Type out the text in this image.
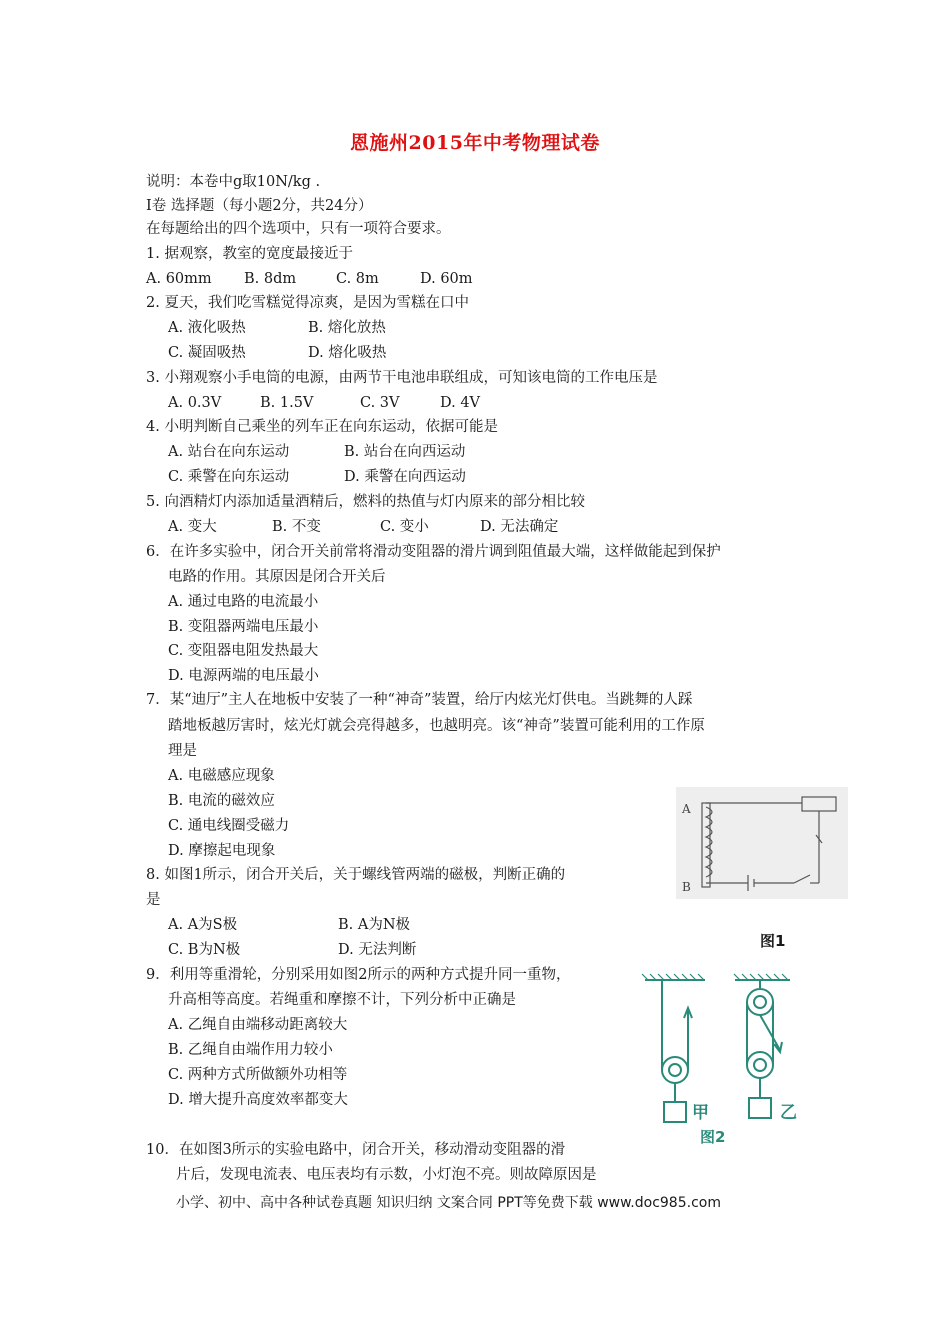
恩施州2015年中考物理试卷
说明：本卷中g取10N/kg .
Ⅰ卷 选择题（每小题2分，共24分）
在每题给出的四个选项中，只有一项符合要求。
1. 据观察，教室的宽度最接近于
A. 60mm B. 8dm	C. 8m	D. 60m
2. 夏天，我们吃雪糕觉得凉爽，是因为雪糕在口中
A. 液化吸热	B. 熔化放热
C. 凝固吸热	D. 熔化吸热
3. 小翔观察小手电筒的电源，由两节干电池串联组成，可知该电筒的工作电压是
A. 0.3V	B. 1.5V	C. 3V	D. 4V
4. 小明判断自己乘坐的列车正在向东运动，依据可能是
A. 站台在向东运动	B. 站台在向西运动
C. 乘警在向东运动	D. 乘警在向西运动
5. 向酒精灯内添加适量酒精后，燃料的热值与灯内原来的部分相比较
A. 变大	B. 不变	C. 变小	D. 无法确定
6．在许多实验中，闭合开关前常将滑动变阻器的滑片调到阻值最大端，这样做能起到保护
电路的作用。其原因是闭合开关后
A. 通过电路的电流最小
B. 变阻器两端电压最小
C. 变阻器电阻发热最大
D. 电源两端的电压最小
7．某“迪厅”主人在地板中安装了一种“神奇”装置，给厅内炫光灯供电。当跳舞的人踩
踏地板越厉害时，炫光灯就会亮得越多，也越明亮。该“神奇”装置可能利用的工作原
理是
A. 电磁感应现象
B. 电流的磁效应
C. 通电线圈受磁力
D. 摩擦起电现象
8. 如图1所示，闭合开关后，关于螺线管两端的磁极，判断正确的
是
A. A为S极	B. A为N极
C. B为N极	D. 无法判断
9．利用等重滑轮，分别采用如图2所示的两种方式提升同一重物，
升高相等高度。若绳重和摩擦不计，下列分析中正确是
A. 乙绳自由端移动距离较大
B. 乙绳自由端作用力较小
C. 两种方式所做额外功相等
D. 增大提升高度效率都变大
10．在如图3所示的实验电路中，闭合开关，移动滑动变阻器的滑
片后，发现电流表、电压表均有示数，小灯泡不亮。则故障原因是
A
B
图1
甲	乙
图2
小学、初中、高中各种试卷真题 知识归纳 文案合同 PPT等免费下载 www.doc985.com
